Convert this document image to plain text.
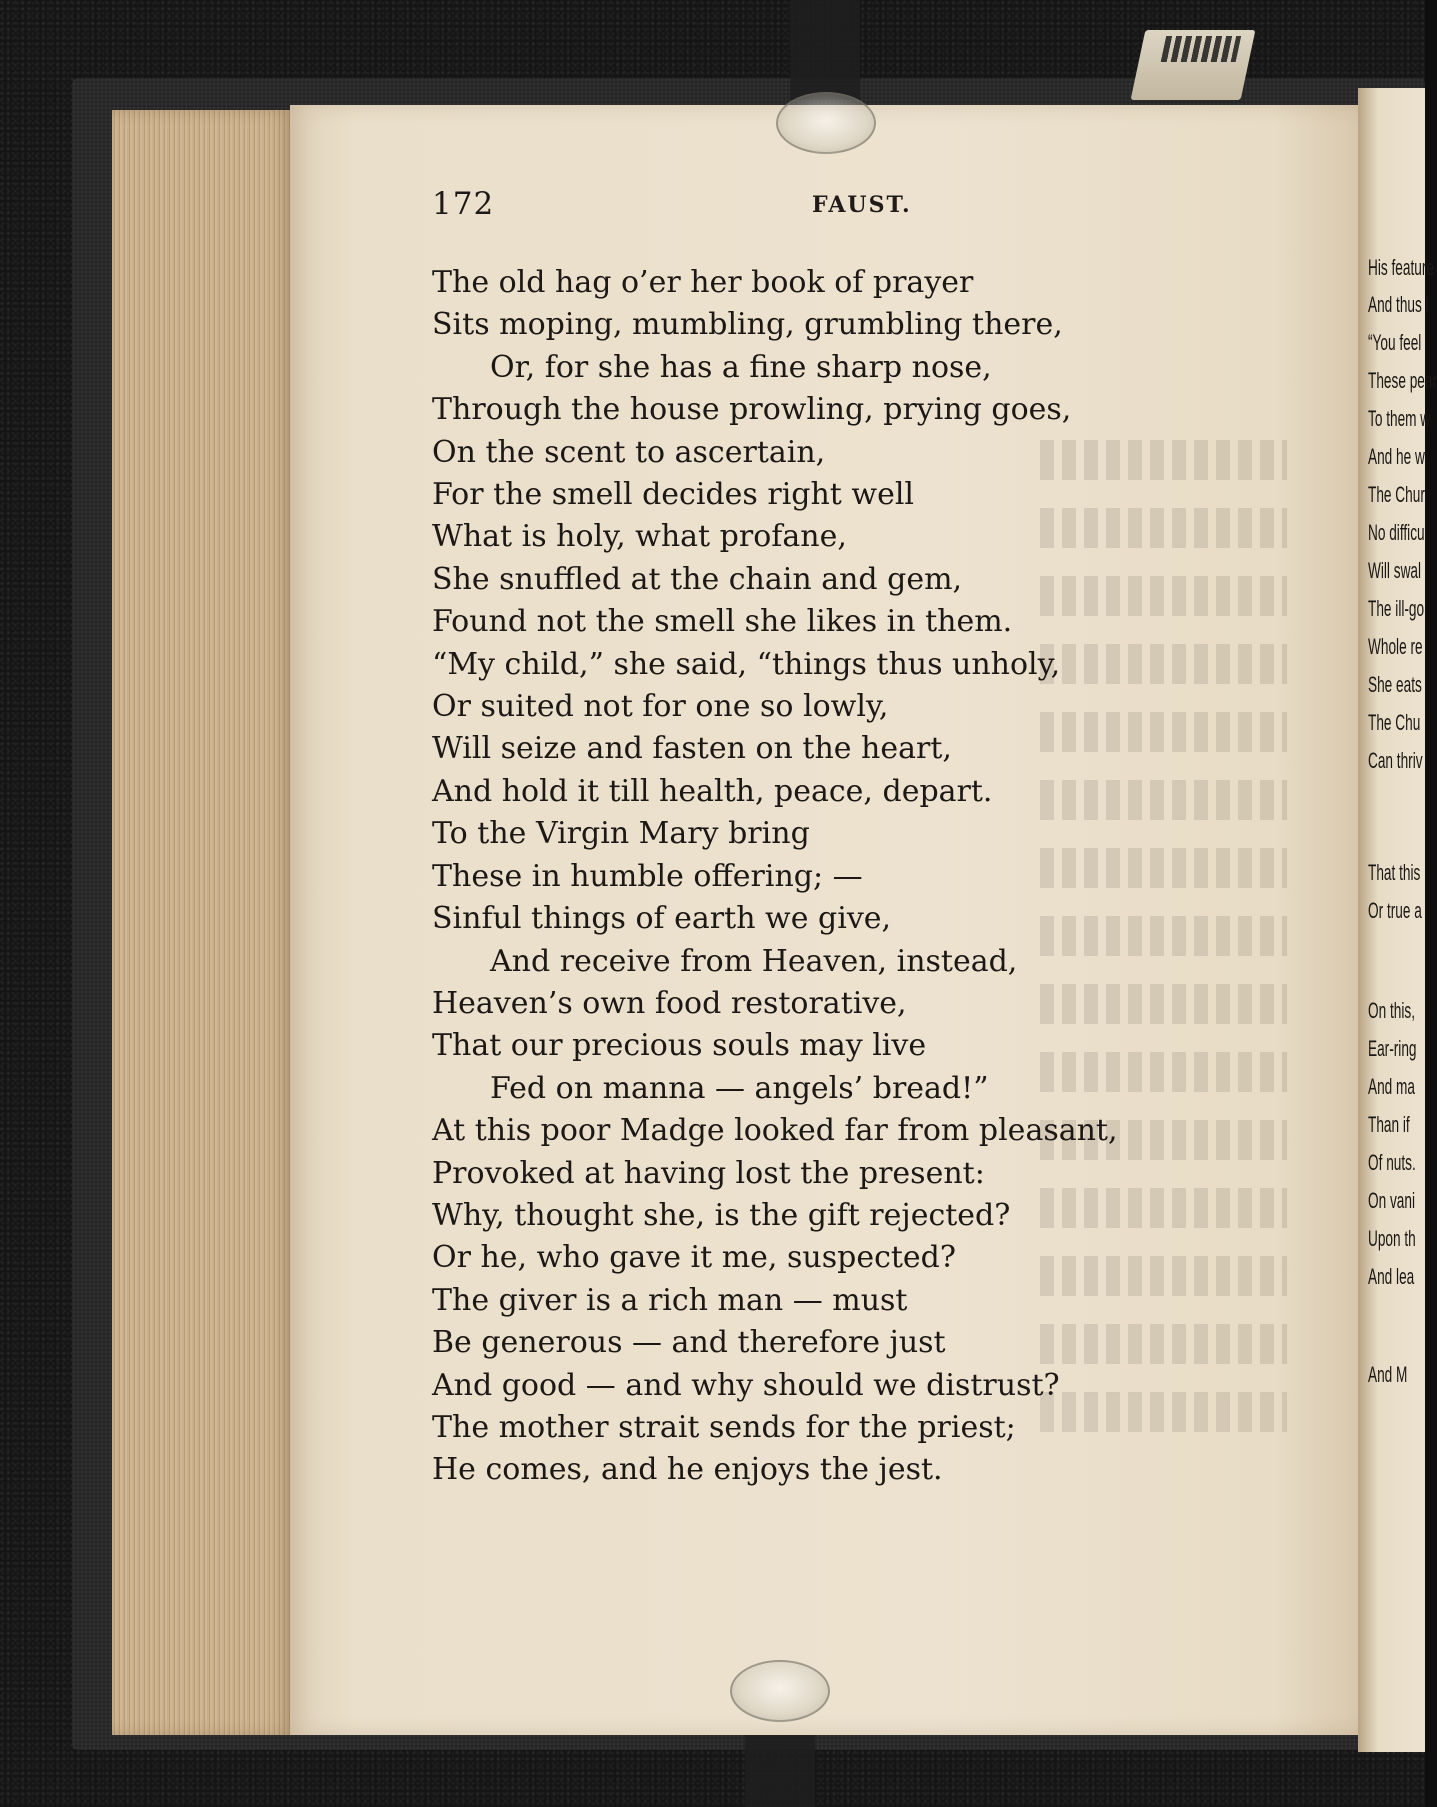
His feature
And thus l
“You feel
These pear
To them w
And he w
The Chur
No difficu
Will swal
The ill-go
Whole re
She eats
The Chu
Can thriv
That this
Or true a
On this,
Ear-ring
And ma
Than if
Of nuts.
On vani
Upon th
And lea
And M
172	FAUST.
The old hag o’er her book of prayer
Sits moping, mumbling, grumbling there,
Or, for she has a fine sharp nose,
Through the house prowling, prying goes,
On the scent to ascertain,
For the smell decides right well
What is holy, what profane,
She snuffled at the chain and gem,
Found not the smell she likes in them.
“My child,” she said, “things thus unholy,
Or suited not for one so lowly,
Will seize and fasten on the heart,
And hold it till health, peace, depart.
To the Virgin Mary bring
These in humble offering; —
Sinful things of earth we give,
And receive from Heaven, instead,
Heaven’s own food restorative,
That our precious souls may live
Fed on manna — angels’ bread!”
At this poor Madge looked far from pleasant,
Provoked at having lost the present:
Why, thought she, is the gift rejected?
Or he, who gave it me, suspected?
The giver is a rich man — must
Be generous — and therefore just
And good — and why should we distrust?
The mother strait sends for the priest;
He comes, and he enjoys the jest.
